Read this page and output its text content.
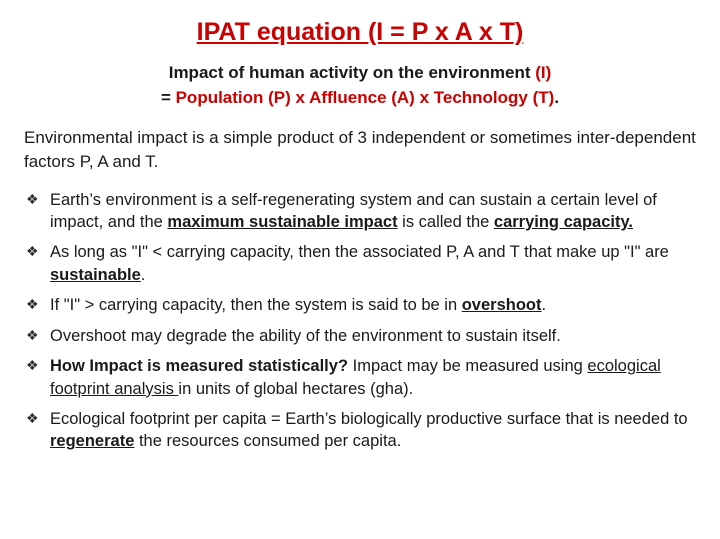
IPAT equation (I = P x A x T)
Impact of human activity on the environment (I)
= Population (P) x Affluence (A) x Technology (T).
Environmental impact is a simple product of 3 independent or sometimes inter-dependent factors P, A and T.
❖ Earth’s environment is a self-regenerating system and can sustain a certain level of impact, and the maximum sustainable impact is called the carrying capacity.
❖ As long as "I" < carrying capacity, then the associated P, A and T that make up "I" are sustainable.
❖ If "I" > carrying capacity, then the system is said to be in overshoot.
❖ Overshoot may degrade the ability of the environment to sustain itself.
❖ How Impact is measured statistically? Impact may be measured using ecological footprint analysis in units of global hectares (gha).
❖ Ecological footprint per capita = Earth’s biologically productive surface that is needed to regenerate the resources consumed per capita.
